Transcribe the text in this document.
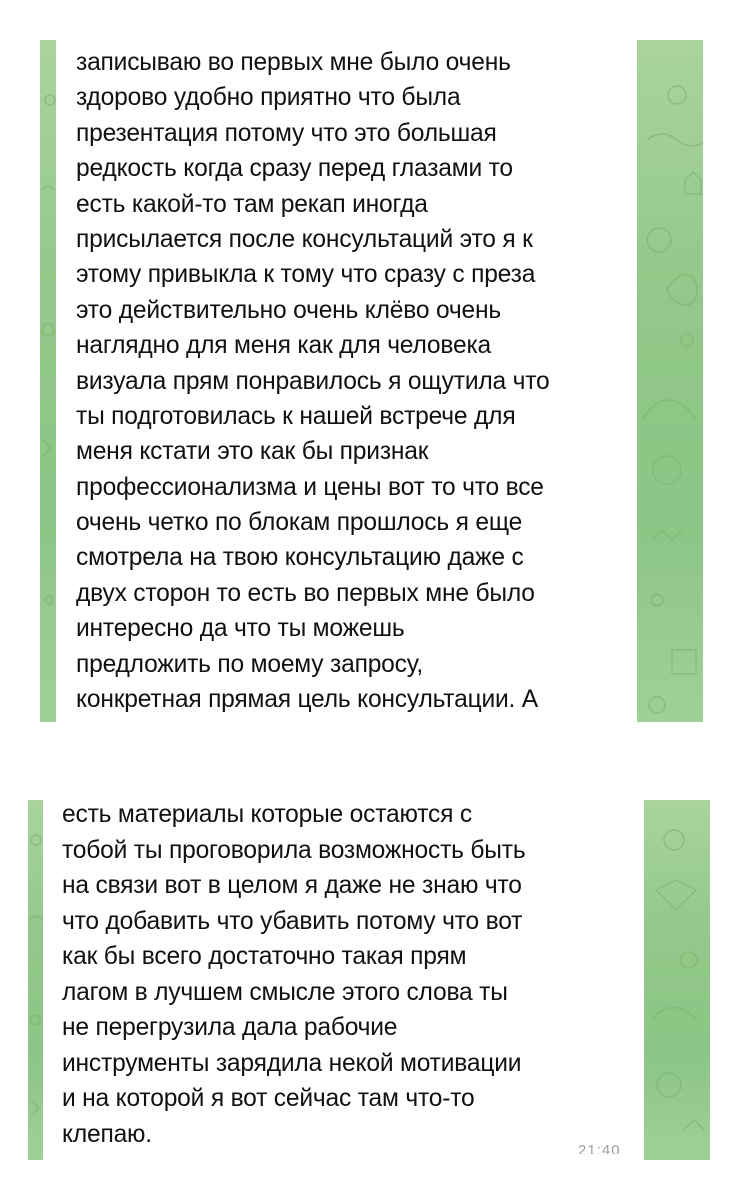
записываю во первых мне было очень
здорово удобно приятно что была
презентация потому что это большая
редкость когда сразу перед глазами то
есть какой-то там рекап иногда
присылается после консультаций это я к
этому привыкла к тому что сразу с преза
это действительно очень клёво очень
наглядно для меня как для человека
визуала прям понравилось я ощутила что
ты подготовилась к нашей встрече для
меня кстати это как бы признак
профессионализма и цены вот то что все
очень четко по блокам прошлось я еще
смотрела на твою консультацию даже с
двух сторон то есть во первых мне было
интересно да что ты можешь
предложить по моему запросу,
конкретная прямая цель консультации. А
есть материалы которые остаются с
тобой ты проговорила возможность быть
на связи вот в целом я даже не знаю что
что добавить что убавить потому что вот
как бы всего достаточно такая прям
лагом в лучшем смысле этого слова ты
не перегрузила дала рабочие
инструменты зарядила некой мотивации
и на которой я вот сейчас там что-то
клепаю.
21:40
